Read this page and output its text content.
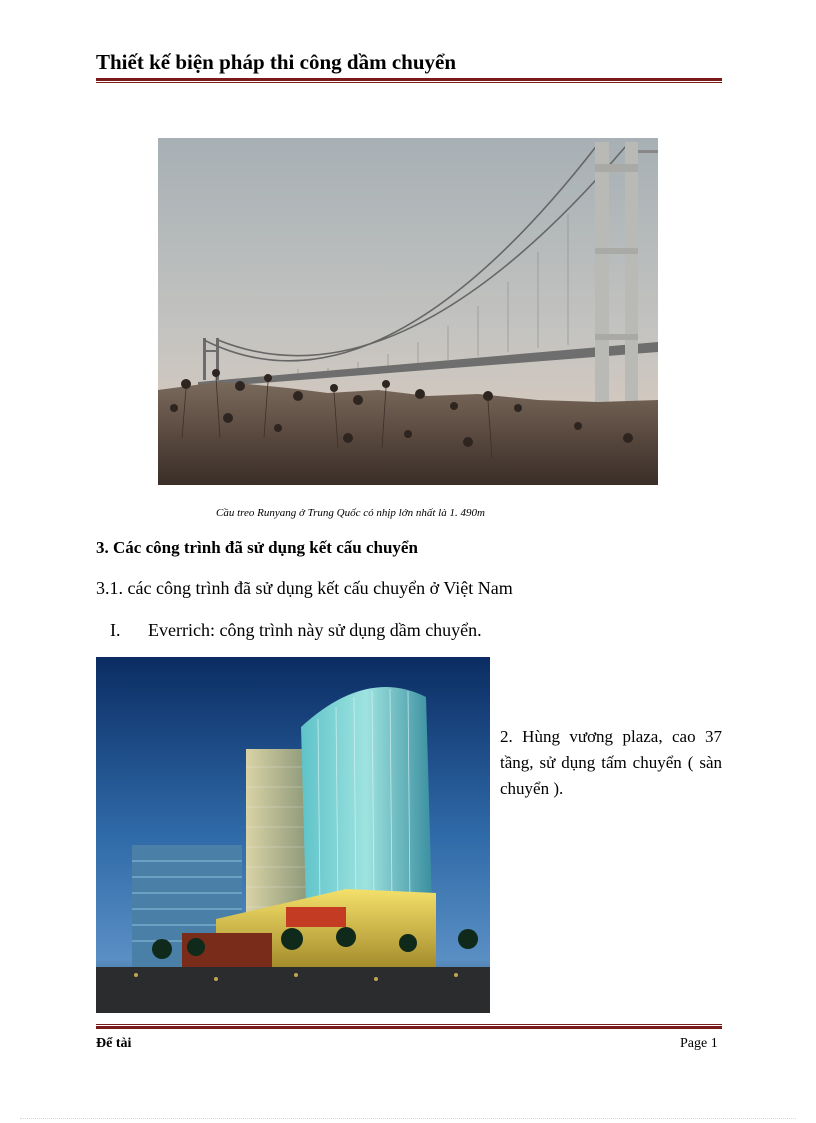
Thiết kế biện pháp thi công dầm chuyển
Cầu treo Runyang ở Trung Quốc có nhịp lớn nhất là 1. 490m
3. Các công trình đã sử dụng kết cấu chuyển
3.1. các công trình đã sử dụng kết cấu chuyển ở Việt Nam
I. Everrich: công trình này sử dụng dầm chuyển.
2. Hùng vương plaza, cao 37 tầng, sử dụng tấm chuyển ( sàn chuyển ).
Để tài	Page 1
